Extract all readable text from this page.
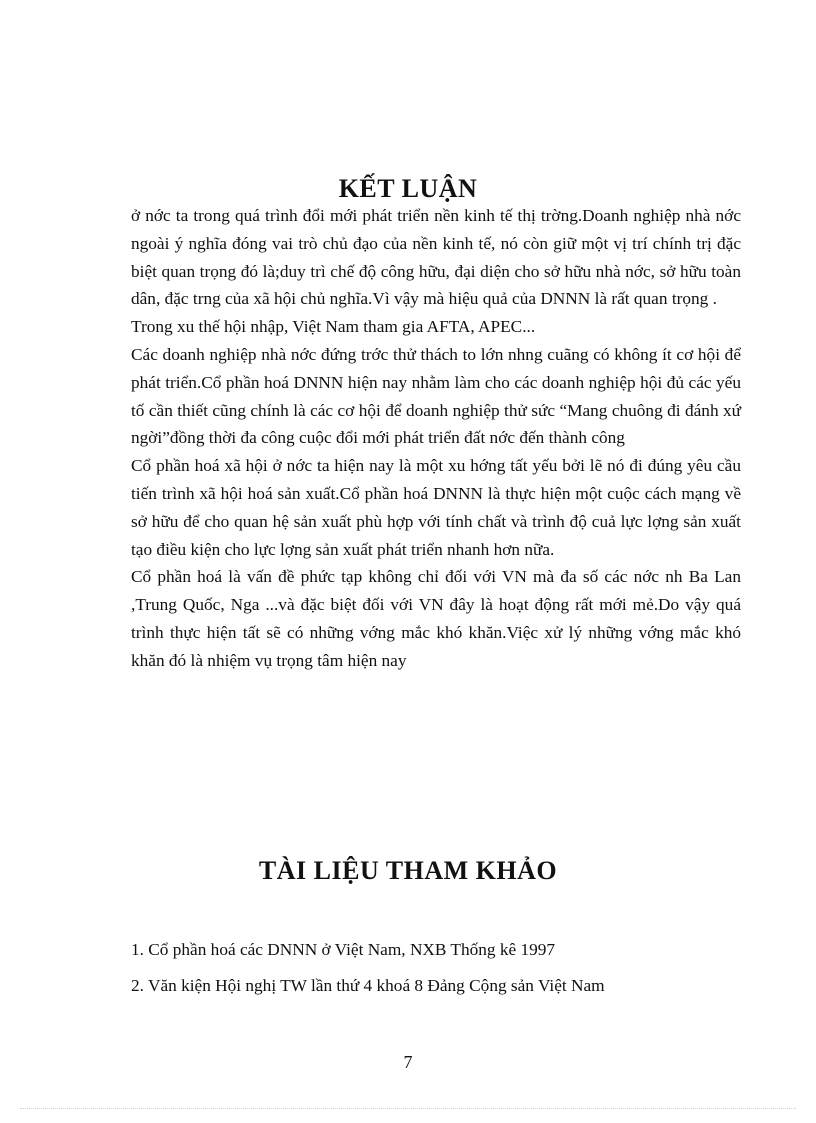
KẾT LUẬN

ở nớc ta trong quá trình đổi mới phát triển nền kinh tế thị trờng.Doanh nghiệp nhà nớc ngoài ý nghĩa đóng vai trò chủ đạo của nền kinh tế, nó còn giữ một vị trí chính trị đặc biệt quan trọng đó là;duy trì chế độ công hữu, đại diện cho sở hữu nhà nớc, sở hữu toàn dân, đặc trng của xã hội chủ nghĩa.Vì vậy mà hiệu quả của DNNN là rất quan trọng .

Trong xu thế hội nhập, Việt Nam tham gia AFTA, APEC...

Các doanh nghiệp nhà nớc đứng trớc thử thách to lớn nhng cuãng có không ít cơ hội để phát triển.Cổ phần hoá DNNN hiện nay nhằm làm cho các doanh nghiệp hội đủ các yếu tố cần thiết cũng chính là các cơ hội để doanh nghiệp thử sức “Mang chuông đi đánh xứ ngời”đồng thời đa công cuộc đổi mới phát triển đất nớc đến thành công

Cổ phần hoá xã hội ở nớc ta hiện nay là một xu hớng tất yếu bởi lẽ nó đi đúng yêu cầu tiến trình xã hội hoá sản xuất.Cổ phần hoá DNNN là thực hiện một cuộc cách mạng về sở hữu để cho quan hệ sản xuất phù hợp với tính chất và trình độ cuả lực lợng sản xuất tạo điều kiện cho lực lợng sản xuất phát triển nhanh hơn nữa.

Cổ phần hoá là vấn đề phức tạp không chỉ đối với VN mà đa số các nớc nh Ba Lan ,Trung Quốc, Nga ...và đặc biệt đối với VN đây là hoạt động rất mới mẻ.Do vậy quá trình thực hiện tất sẽ có những vớng mắc khó khăn.Việc xử lý những vớng mắc khó khăn đó là nhiệm vụ trọng tâm hiện nay

TÀI LIỆU THAM KHẢO

1. Cổ phần hoá các DNNN ở Việt Nam, NXB Thống kê 1997

2. Văn kiện Hội nghị TW lần thứ 4 khoá 8 Đảng Cộng sản Việt Nam

7
